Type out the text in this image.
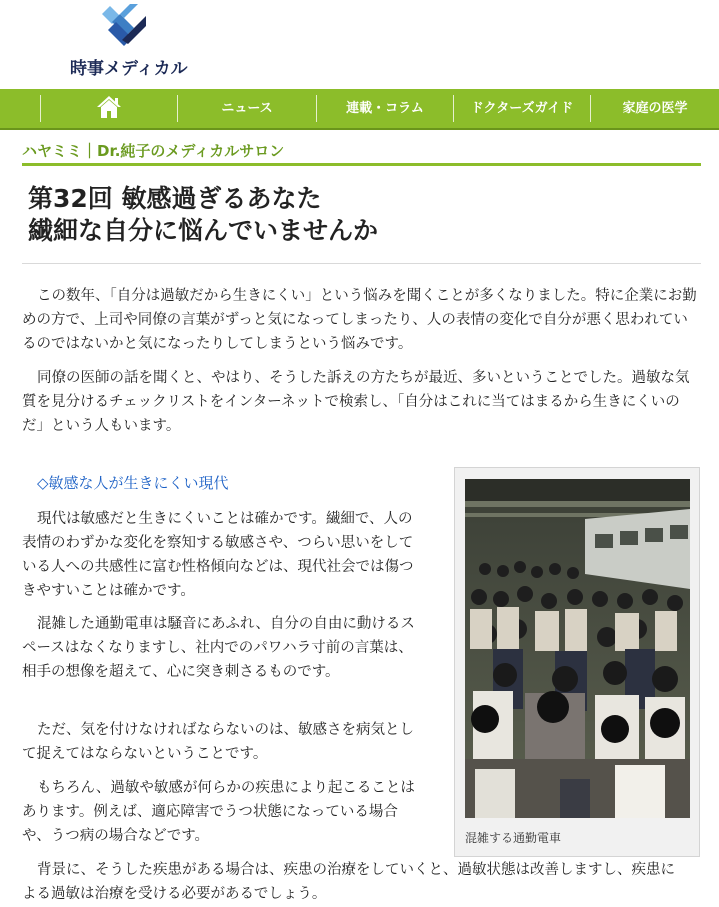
時事メディカル
ニュース	連載・コラム	ドクターズガイド	家庭の医学
ハヤミミ｜Dr.純子のメディカルサロン
第32回 敏感過ぎるあなた
繊細な自分に悩んでいませんか
この数年、「自分は過敏だから生きにくい」という悩みを聞くことが多くなりました。特に企業にお勤めの方で、上司や同僚の言葉がずっと気になってしまったり、人の表情の変化で自分が悪く思われているのではないかと気になったりしてしまうという悩みです。
同僚の医師の話を聞くと、やはり、そうした訴えの方たちが最近、多いということでした。過敏な気質を見分けるチェックリストをインターネットで検索し、「自分はこれに当てはまるから生きにくいのだ」という人もいます。
◇敏感な人が生きにくい現代
現代は敏感だと生きにくいことは確かです。繊細で、人の表情のわずかな変化を察知する敏感さや、つらい思いをしている人への共感性に富む性格傾向などは、現代社会では傷つきやすいことは確かです。
混雑した通勤電車は騒音にあふれ、自分の自由に動けるスペースはなくなりますし、社内でのパワハラ寸前の言葉は、相手の想像を超えて、心に突き刺さるものです。
ただ、気を付けなければならないのは、敏感さを病気として捉えてはならないということです。
もちろん、過敏や敏感が何らかの疾患により起こることはあります。例えば、適応障害でうつ状態になっている場合や、うつ病の場合などです。
背景に、そうした疾患がある場合は、疾患の治療をしていくと、過敏状態は改善しますし、疾患による過敏は治療を受ける必要があるでしょう。
混雑する通勤電車
